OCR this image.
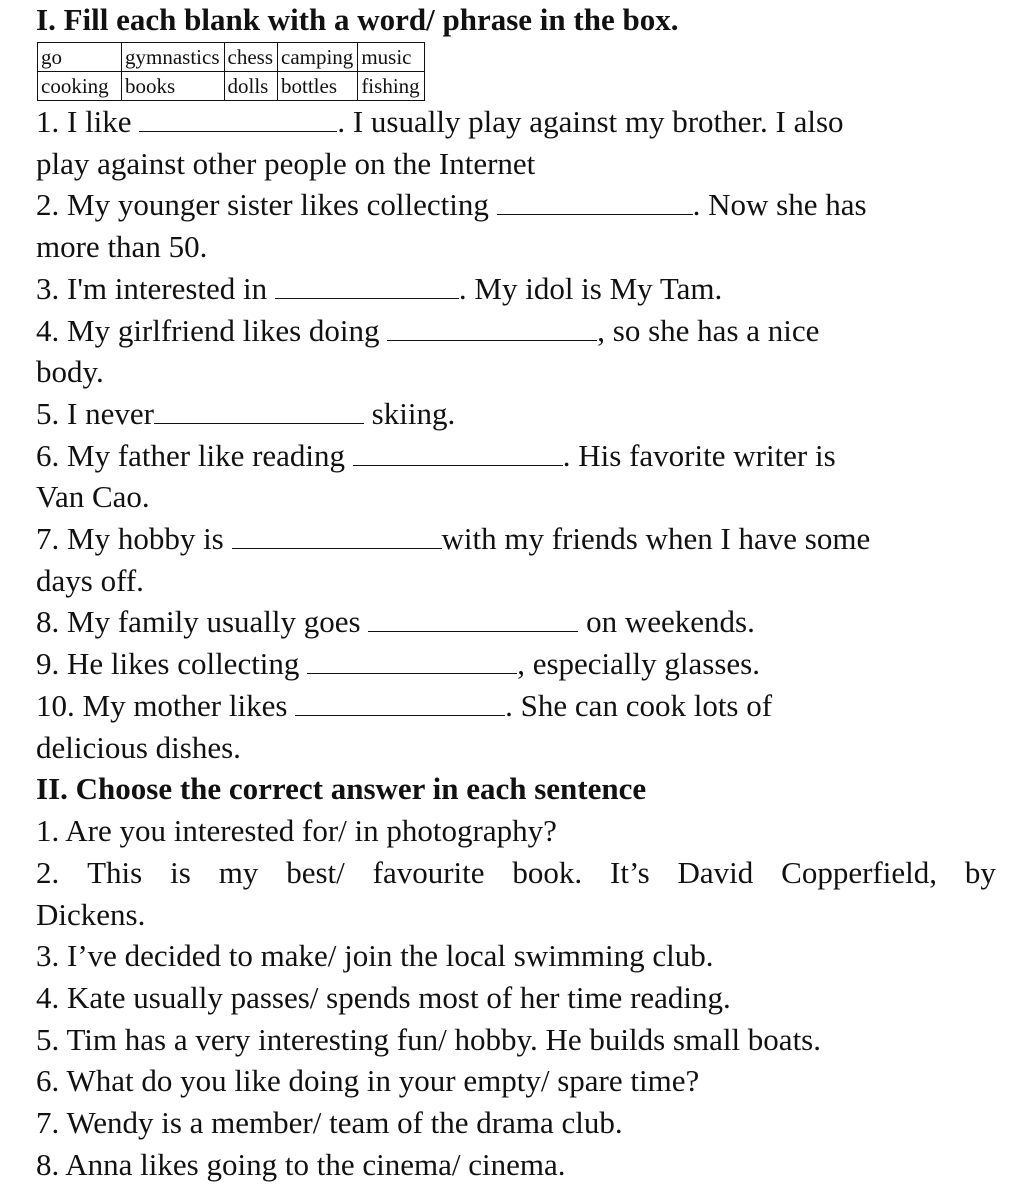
I. Fill each blank with a word/ phrase in the box.
go	gymnastics	chess	camping	music
cooking	books	dolls	bottles	fishing
1. I like	. I usually play against my brother. I also
play against other people on the Internet
2. My younger sister likes collecting	. Now she has
more than 50.
3. I'm interested in	. My idol is My Tam.
4. My girlfriend likes doing	, so she has a nice
body.
5. I never	skiing.
6. My father like reading	. His favorite writer is
Van Cao.
7. My hobby is	with my friends when I have some
days off.
8. My family usually goes	on weekends.
9. He likes collecting	, especially glasses.
10. My mother likes	. She can cook lots of
delicious dishes.
II. Choose the correct answer in each sentence
1. Are you interested for/ in photography?
2. This is my best/ favourite book. It’s David Copperfield, by
Dickens.
3. I’ve decided to make/ join the local swimming club.
4. Kate usually passes/ spends most of her time reading.
5. Tim has a very interesting fun/ hobby. He builds small boats.
6. What do you like doing in your empty/ spare time?
7. Wendy is a member/ team of the drama club.
8. Anna likes going to the cinema/ cinema.
